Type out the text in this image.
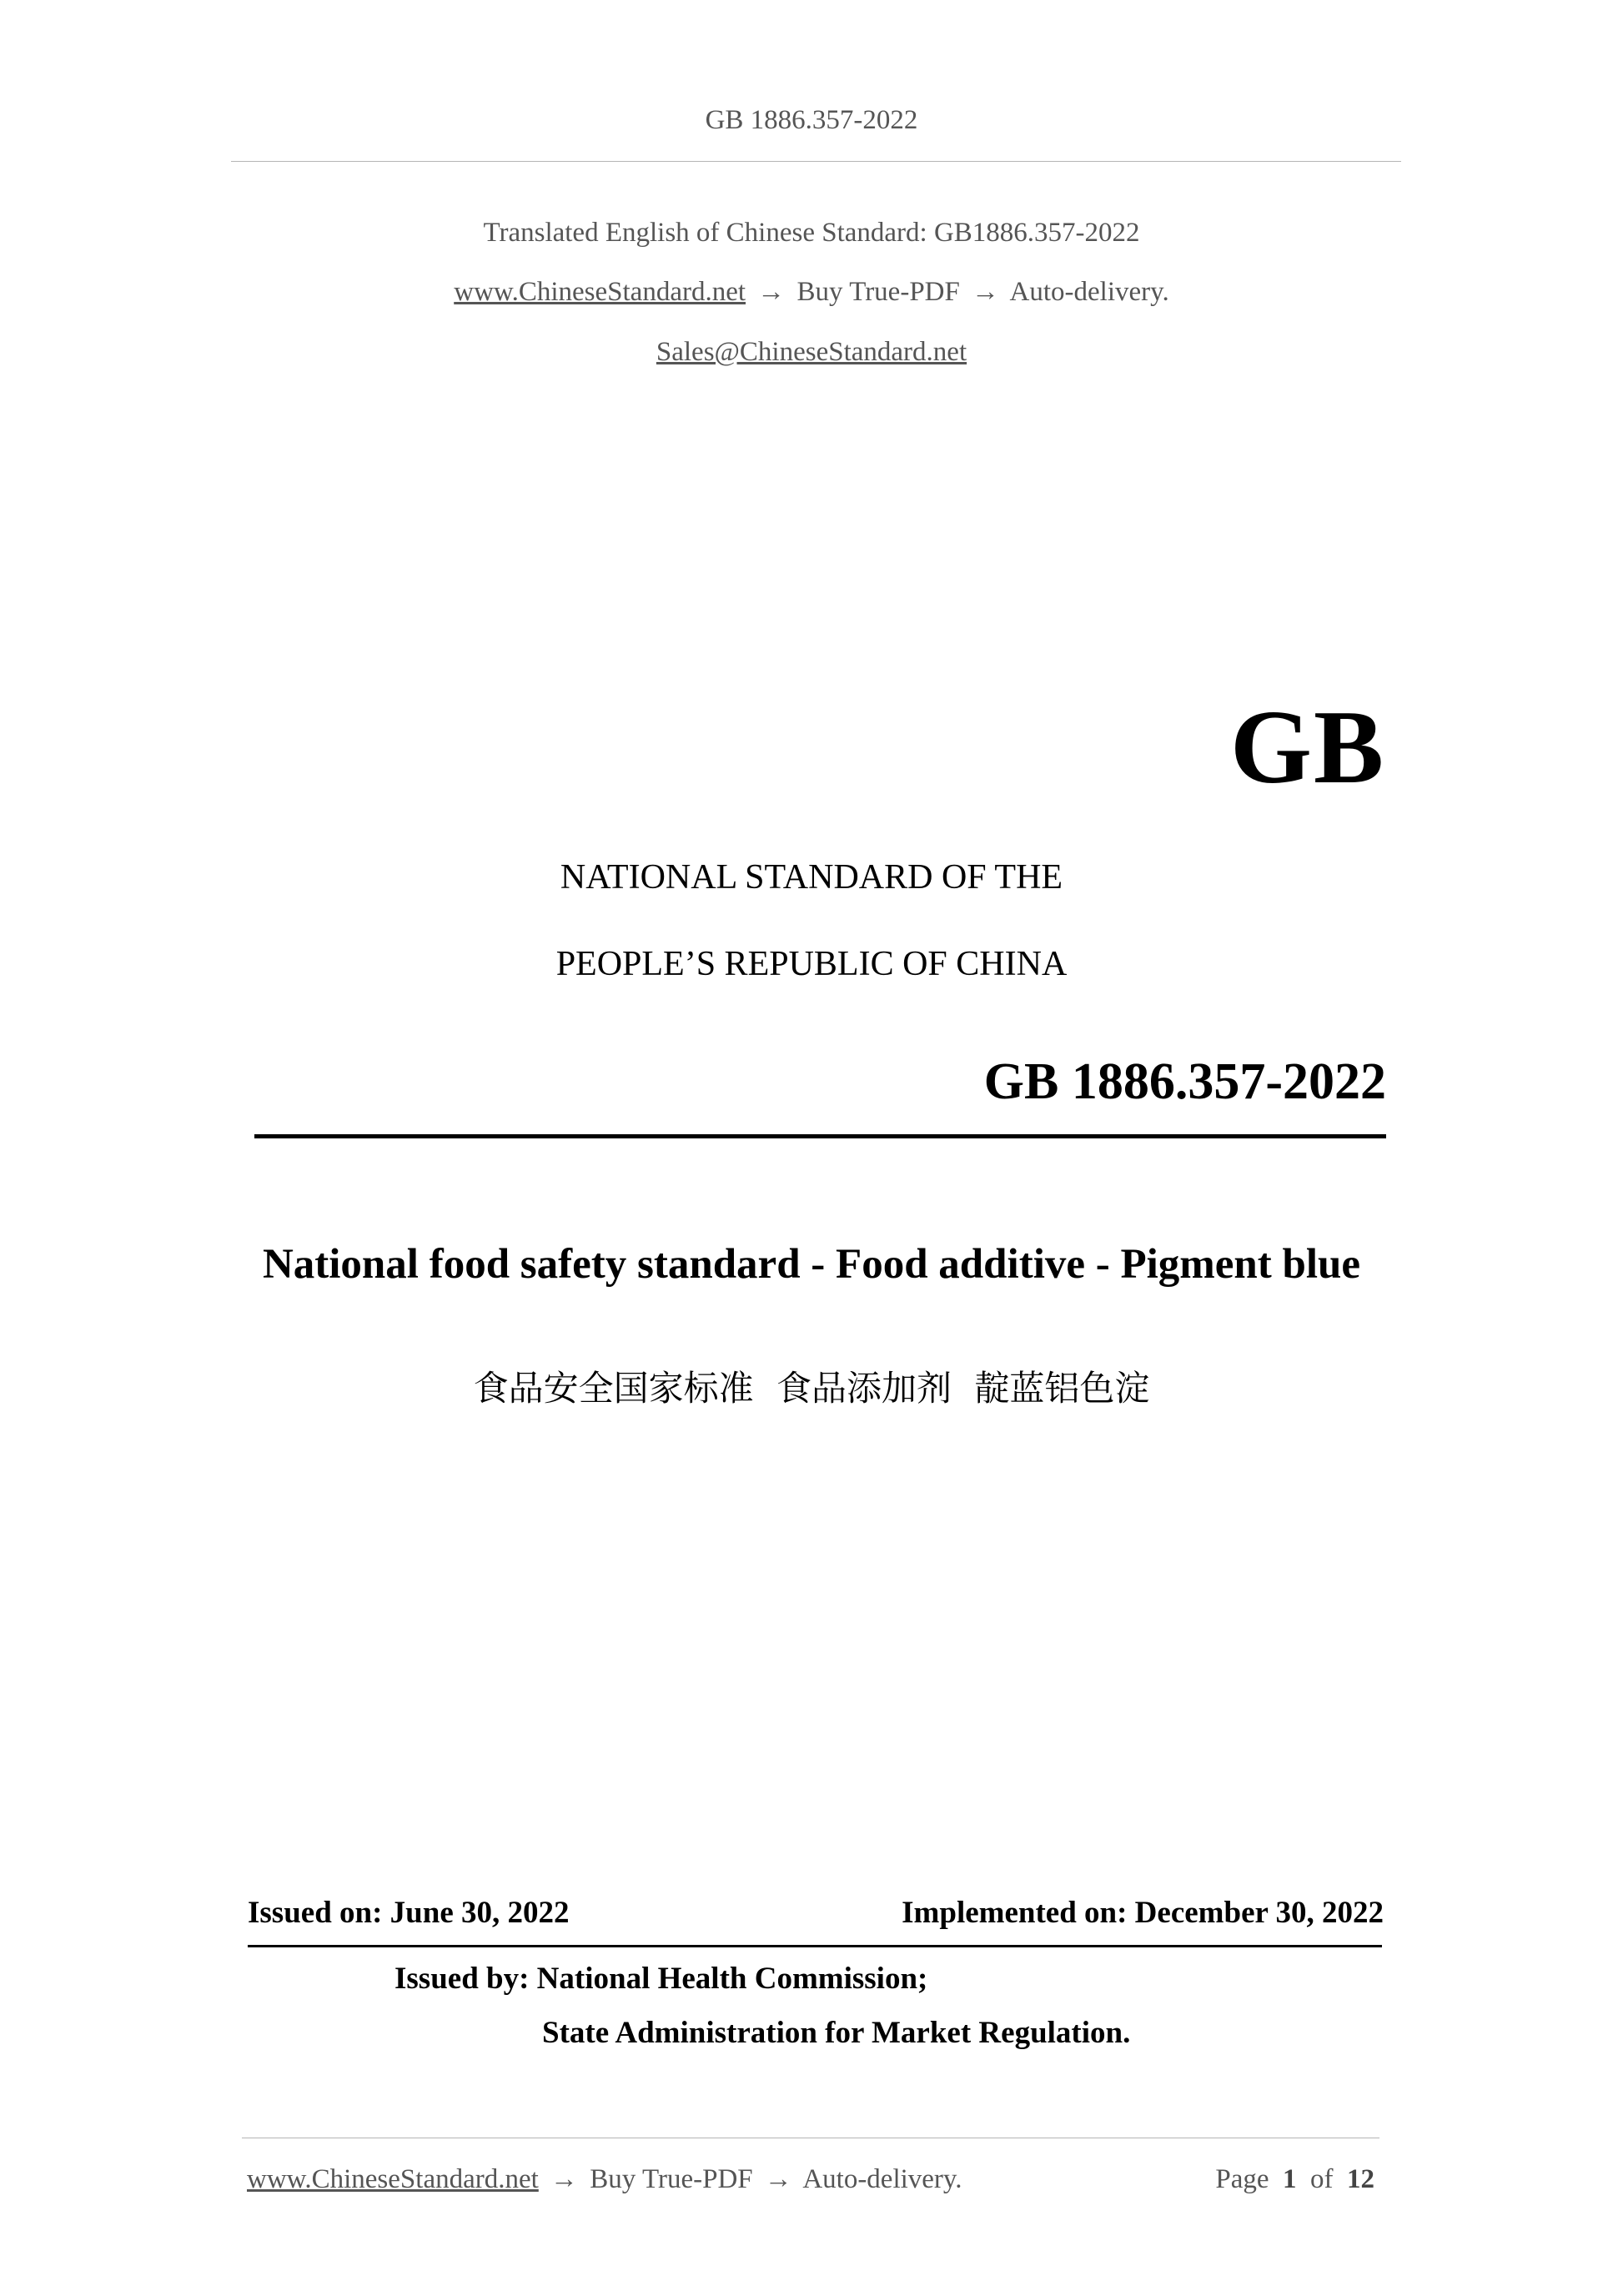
GB 1886.357-2022
Translated English of Chinese Standard: GB1886.357-2022
www.ChineseStandard.net → Buy True-PDF → Auto-delivery.
Sales@ChineseStandard.net
GB
NATIONAL STANDARD OF THE
PEOPLE’S REPUBLIC OF CHINA
GB 1886.357-2022
National food safety standard - Food additive - Pigment blue
食品安全国家标准 食品添加剂 靛蓝铝色淀
Issued on: June 30, 2022	Implemented on: December 30, 2022
Issued by: National Health Commission;
State Administration for Market Regulation.
www.ChineseStandard.net → Buy True-PDF → Auto-delivery.	Page 1 of 12
